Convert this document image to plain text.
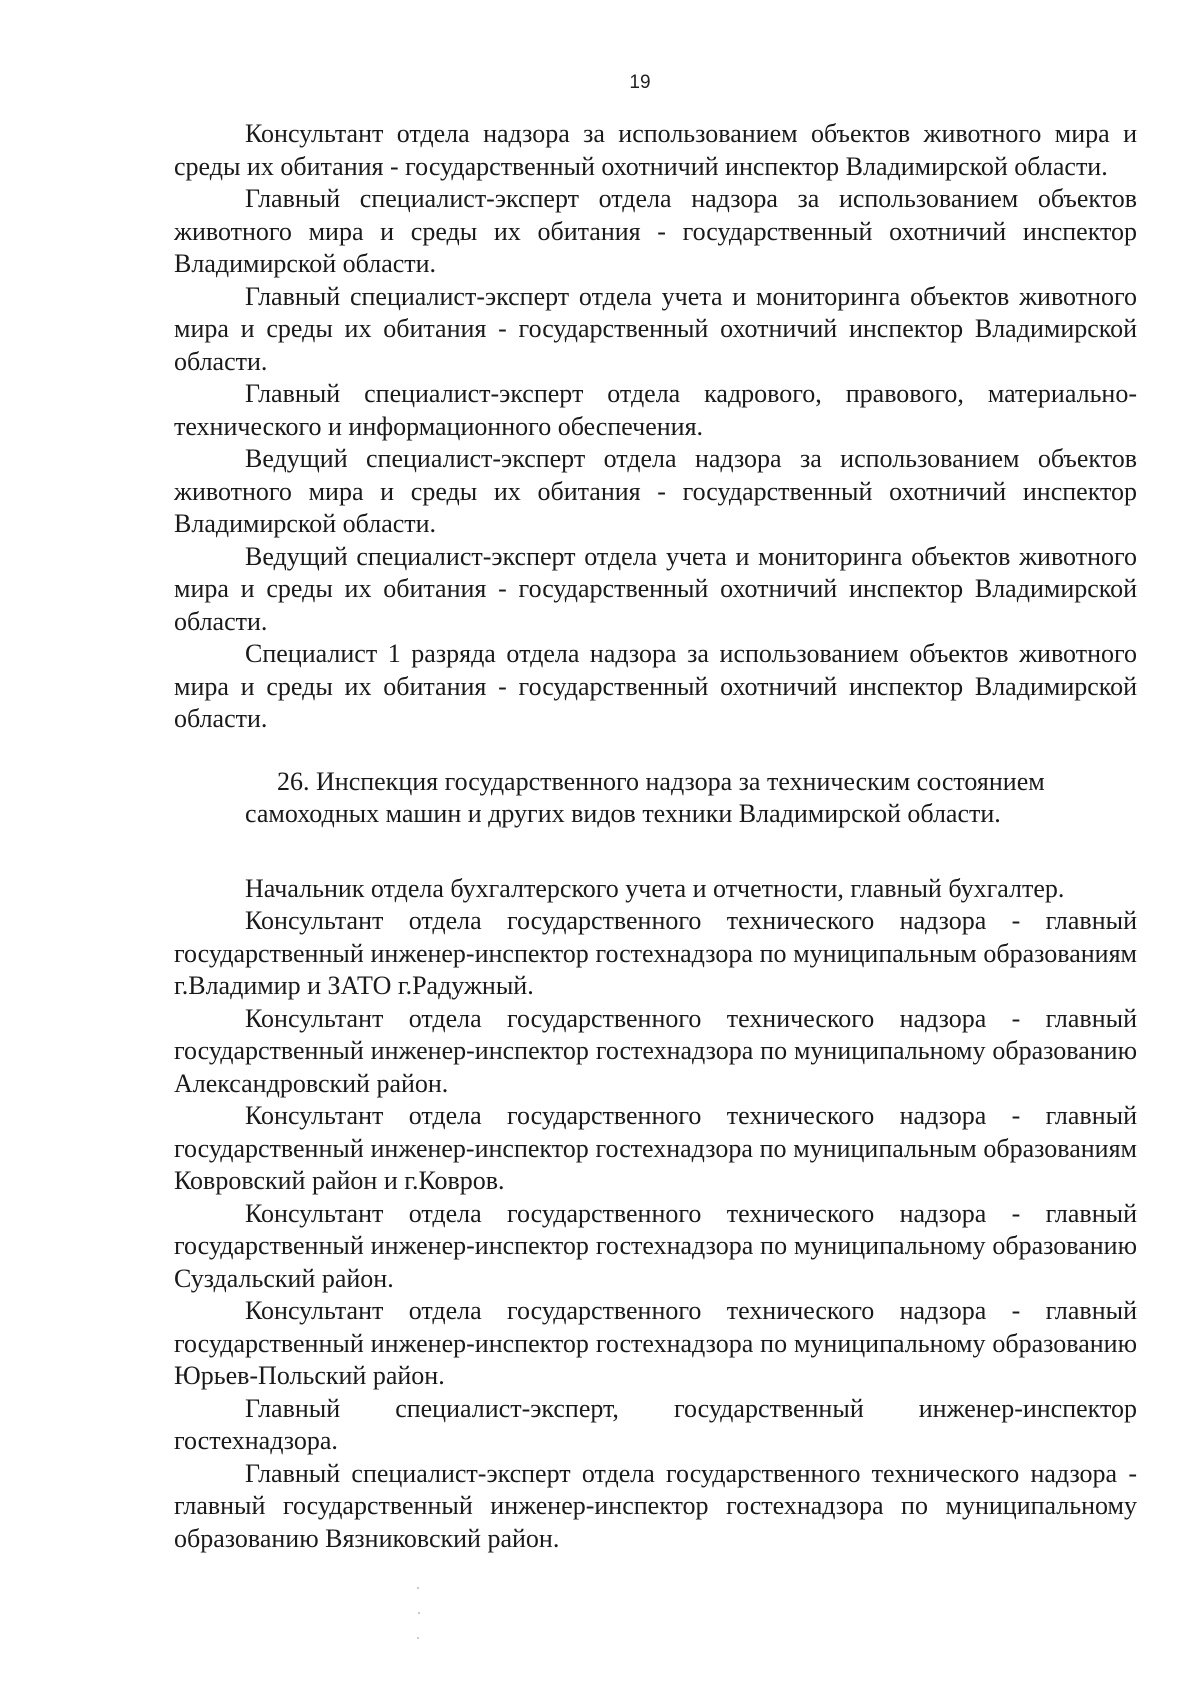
19

Консультант отдела надзора за использованием объектов животного мира и среды их обитания - государственный охотничий инспектор Владимирской области.

Главный специалист-эксперт отдела надзора за использованием объектов животного мира и среды их обитания - государственный охотничий инспектор Владимирской области.

Главный специалист-эксперт отдела учета и мониторинга объектов животного мира и среды их обитания - государственный охотничий инспектор Владимирской области.

Главный специалист-эксперт отдела кадрового, правового, материально-технического и информационного обеспечения.

Ведущий специалист-эксперт отдела надзора за использованием объектов животного мира и среды их обитания - государственный охотничий инспектор Владимирской области.

Ведущий специалист-эксперт отдела учета и мониторинга объектов животного мира и среды их обитания - государственный охотничий инспектор Владимирской области.

Специалист 1 разряда отдела надзора за использованием объектов животного мира и среды их обитания - государственный охотничий инспектор Владимирской области.

26. Инспекция государственного надзора за техническим состоянием самоходных машин и других видов техники Владимирской области.

Начальник отдела бухгалтерского учета и отчетности, главный бухгалтер.

Консультант отдела государственного технического надзора - главный государственный инженер-инспектор гостехнадзора по муниципальным образованиям г.Владимир и ЗАТО г.Радужный.

Консультант отдела государственного технического надзора - главный государственный инженер-инспектор гостехнадзора по муниципальному образованию Александровский район.

Консультант отдела государственного технического надзора - главный государственный инженер-инспектор гостехнадзора по муниципальным образованиям Ковровский район и г.Ковров.

Консультант отдела государственного технического надзора - главный государственный инженер-инспектор гостехнадзора по муниципальному образованию Суздальский район.

Консультант отдела государственного технического надзора - главный государственный инженер-инспектор гостехнадзора по муниципальному образованию Юрьев-Польский район.

Главный специалист-эксперт, государственный инженер-инспектор гостехнадзора.

Главный специалист-эксперт отдела государственного технического надзора - главный государственный инженер-инспектор гостехнадзора по муниципальному образованию Вязниковский район.
